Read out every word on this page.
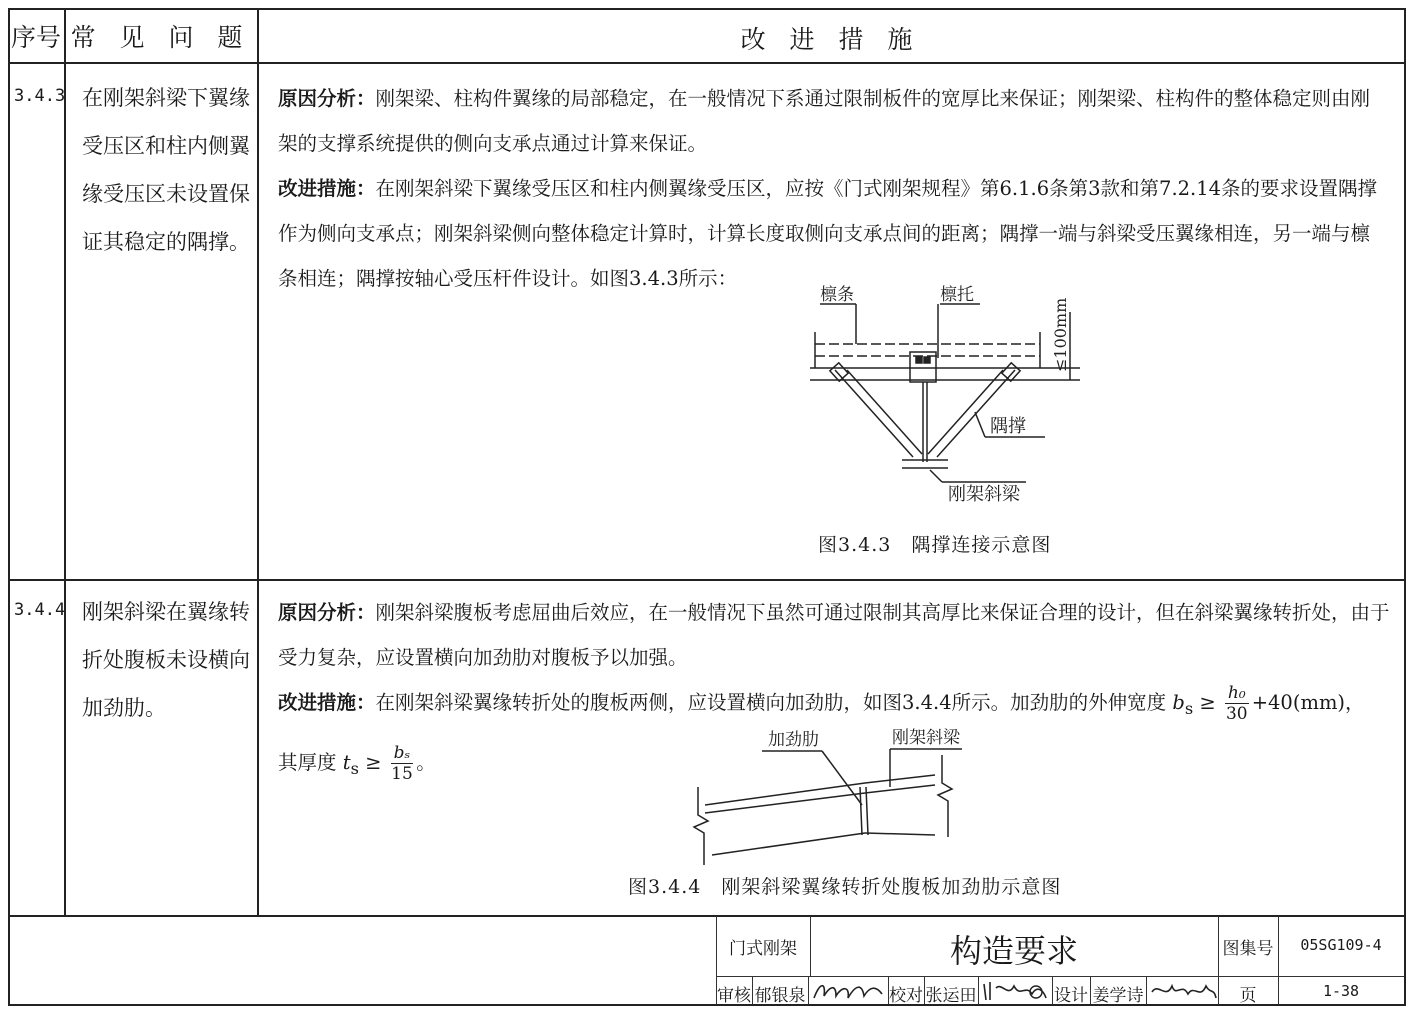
序号 常 见 问 题	改 进 措 施
3.4.3 在刚架斜梁下翼缘受压区和柱内侧翼缘受压区未设置保证其稳定的隅撑。
原因分析：刚架梁、柱构件翼缘的局部稳定，在一般情况下系通过限制板件的宽厚比来保证；刚架梁、柱构件的整体稳定则由刚架的支撑系统提供的侧向支承点通过计算来保证。
改进措施：在刚架斜梁下翼缘受压区和柱内侧翼缘受压区，应按《门式刚架规程》第6.1.6条第3款和第7.2.14条的要求设置隅撑作为侧向支承点；刚架斜梁侧向整体稳定计算时，计算长度取侧向支承点间的距离；隅撑一端与斜梁受压翼缘相连，另一端与檩条相连；隅撑按轴心受压杆件设计。如图3.4.3所示：
檩条	檩托
≤100mm
隅撑
刚架斜梁
图3.4.3　隅撑连接示意图
3.4.4 刚架斜梁在翼缘转折处腹板未设横向加劲肋。
原因分析：刚架斜梁腹板考虑屈曲后效应，在一般情况下虽然可通过限制其高厚比来保证合理的设计，但在斜梁翼缘转折处，由于受力复杂，应设置横向加劲肋对腹板予以加强。
改进措施：在刚架斜梁翼缘转折处的腹板两侧，应设置横向加劲肋，如图3.4.4所示。加劲肋的外伸宽度 $b_s \ge \frac{\text{h₀}}{30} +40(mm)$，
其厚度 $t_s \ge \frac{\text{bₛ}}{15}$ 。
加劲肋	刚架斜梁
图3.4.4　刚架斜梁翼缘转折处腹板加劲肋示意图
门式刚架	构造要求	图集号	05SG109-4
审核 郁银泉	校对 张运田	设计 姜学诗	页	1-38
